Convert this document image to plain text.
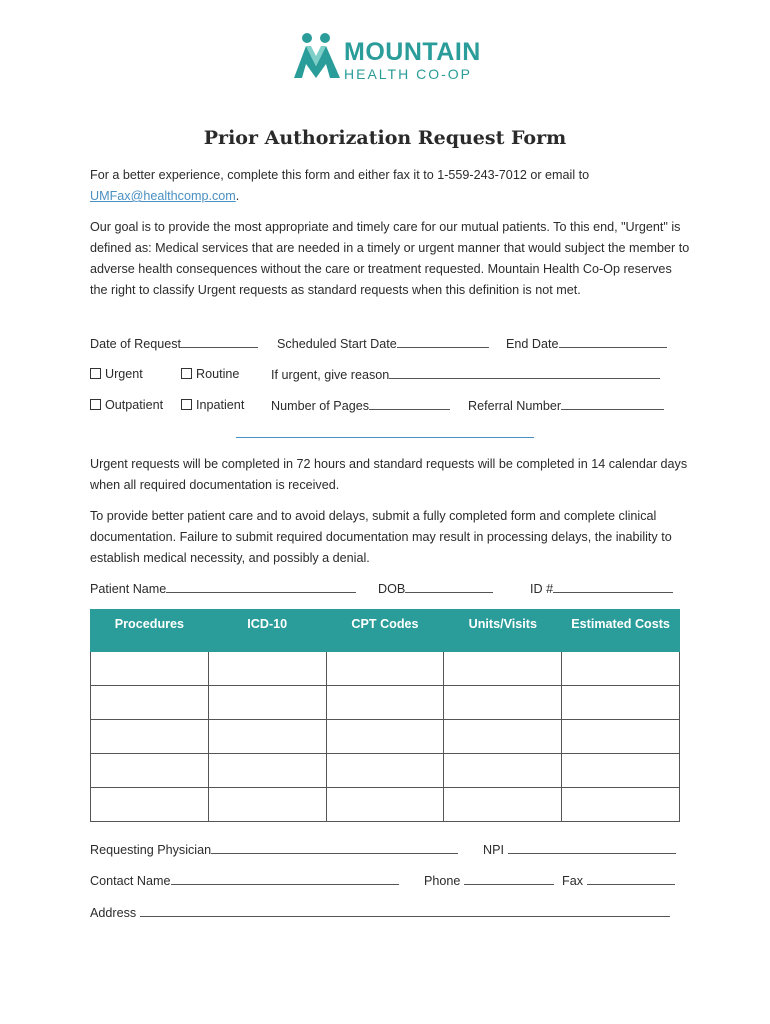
MOUNTAIN
HEALTH CO-OP
Prior Authorization Request Form
For a better experience, complete this form and either fax it to 1-559-243-7012 or email to
UMFax@healthcomp.com.
Our goal is to provide the most appropriate and timely care for our mutual patients. To this end, "Urgent" is defined as: Medical services that are needed in a timely or urgent manner that would subject the member to adverse health consequences without the care or treatment requested. Mountain Health Co-Op reserves the right to classify Urgent requests as standard requests when this definition is not met.
Date of Request	Scheduled Start Date	End Date
Urgent	Routine	If urgent, give reason
Outpatient	Inpatient Number of Pages	Referral Number
Urgent requests will be completed in 72 hours and standard requests will be completed in 14 calendar days when all required documentation is received.
To provide better patient care and to avoid delays, submit a fully completed form and complete clinical documentation. Failure to submit required documentation may result in processing delays, the inability to establish medical necessity, and possibly a denial.
Patient Name	DOB	ID #
Procedures	ICD-10	CPT Codes	Units/Visits	Estimated Costs

Requesting Physician	NPI
Contact Name	Phone	Fax
Address
